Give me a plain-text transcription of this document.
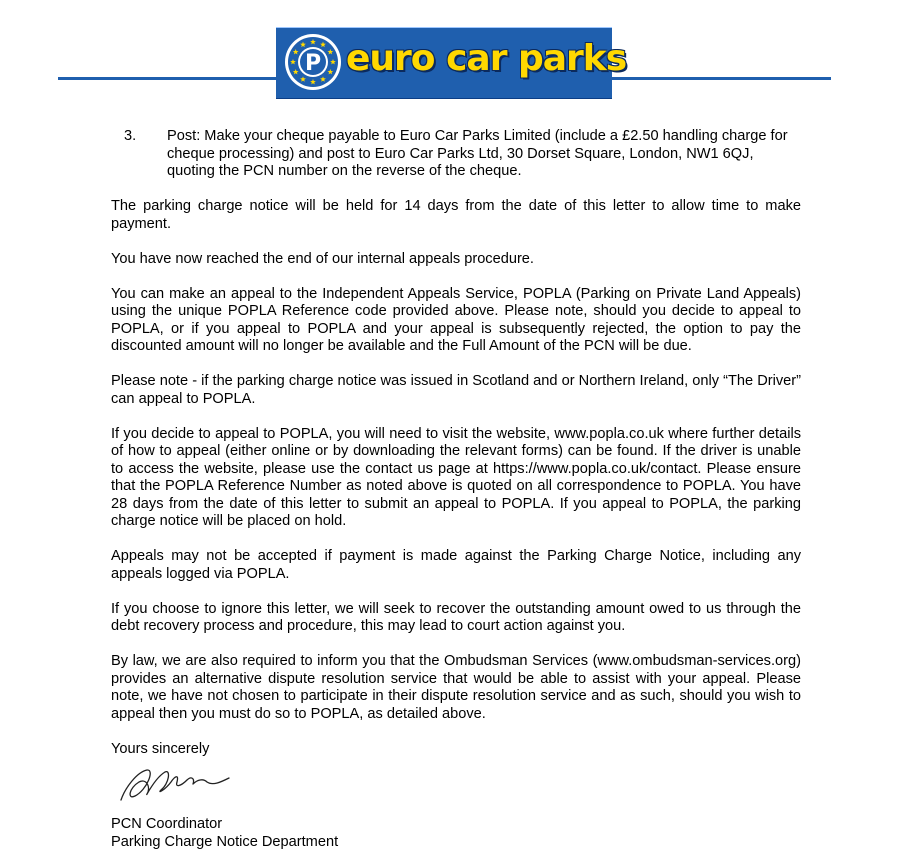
P euro car parks
3. Post: Make your cheque payable to Euro Car Parks Limited (include a £2.50 handling charge for cheque processing) and post to Euro Car Parks Ltd, 30 Dorset Square, London, NW1 6QJ, quoting the PCN number on the reverse of the cheque.

The parking charge notice will be held for 14 days from the date of this letter to allow time to make payment.

You have now reached the end of our internal appeals procedure.

You can make an appeal to the Independent Appeals Service, POPLA (Parking on Private Land Appeals) using the unique POPLA Reference code provided above. Please note, should you decide to appeal to POPLA, or if you appeal to POPLA and your appeal is subsequently rejected, the option to pay the discounted amount will no longer be available and the Full Amount of the PCN will be due.

Please note - if the parking charge notice was issued in Scotland and or Northern Ireland, only “The Driver” can appeal to POPLA.

If you decide to appeal to POPLA, you will need to visit the website, www.popla.co.uk where further details of how to appeal (either online or by downloading the relevant forms) can be found. If the driver is unable to access the website, please use the contact us page at https://www.popla.co.uk/contact. Please ensure that the POPLA Reference Number as noted above is quoted on all correspondence to POPLA. You have 28 days from the date of this letter to submit an appeal to POPLA. If you appeal to POPLA, the parking charge notice will be placed on hold.

Appeals may not be accepted if payment is made against the Parking Charge Notice, including any appeals logged via POPLA.

If you choose to ignore this letter, we will seek to recover the outstanding amount owed to us through the debt recovery process and procedure, this may lead to court action against you.

By law, we are also required to inform you that the Ombudsman Services (www.ombudsman-services.org) provides an alternative dispute resolution service that would be able to assist with your appeal. Please note, we have not chosen to participate in their dispute resolution service and as such, should you wish to appeal then you must do so to POPLA, as detailed above.

Yours sincerely

PCN Coordinator

Parking Charge Notice Department
